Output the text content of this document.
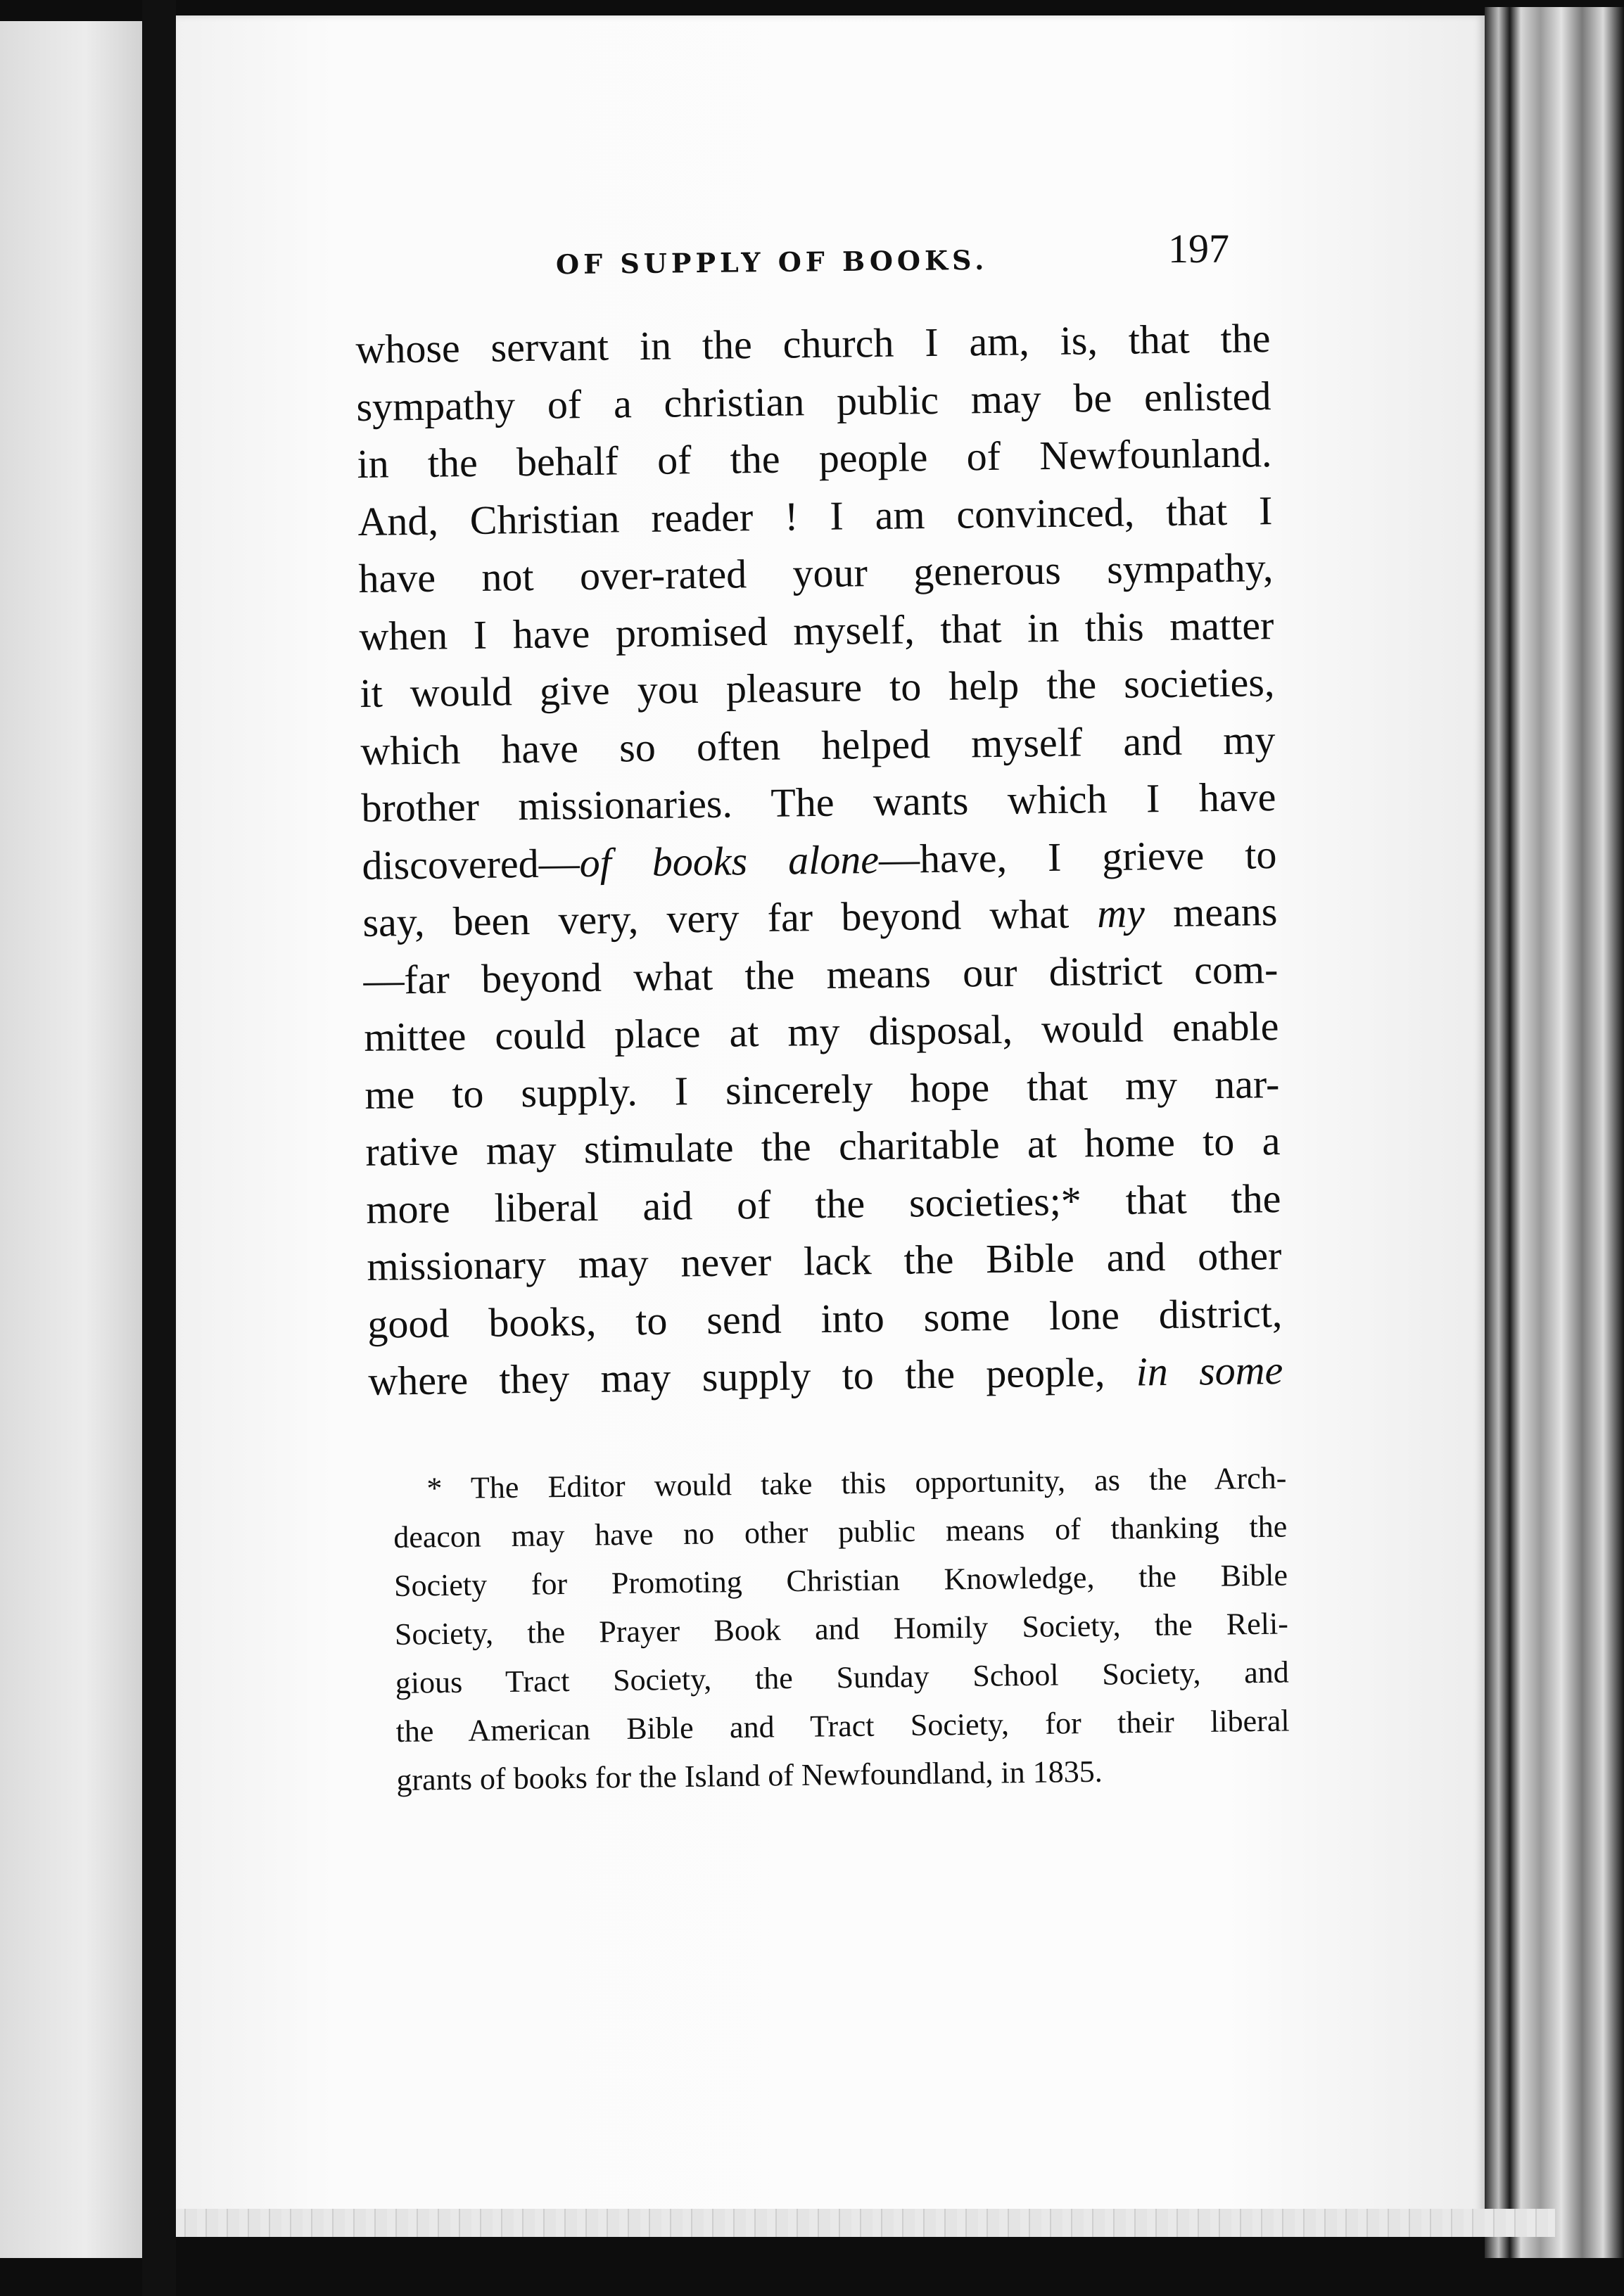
OF SUPPLY OF BOOKS.	197
whose servant in the church I am, is, that the
sympathy of a christian public may be enlisted
in the behalf of the people of Newfounland.
And, Christian reader ! I am convinced, that I
have not over-rated your generous sympathy,
when I have promised myself, that in this matter
it would give you pleasure to help the societies,
which have so often helped myself and my
brother missionaries. The wants which I have
discovered—of books alone—have, I grieve to
say, been very, very far beyond what my means
—far beyond what the means our district com-
mittee could place at my disposal, would enable
me to supply. I sincerely hope that my nar-
rative may stimulate the charitable at home to a
more liberal aid of the societies;* that the
missionary may never lack the Bible and other
good books, to send into some lone district,
where they may supply to the people, in some
* The Editor would take this opportunity, as the Arch-
deacon may have no other public means of thanking the
Society for Promoting Christian Knowledge, the Bible
Society, the Prayer Book and Homily Society, the Reli-
gious Tract Society, the Sunday School Society, and
the American Bible and Tract Society, for their liberal
grants of books for the Island of Newfoundland, in 1835.
